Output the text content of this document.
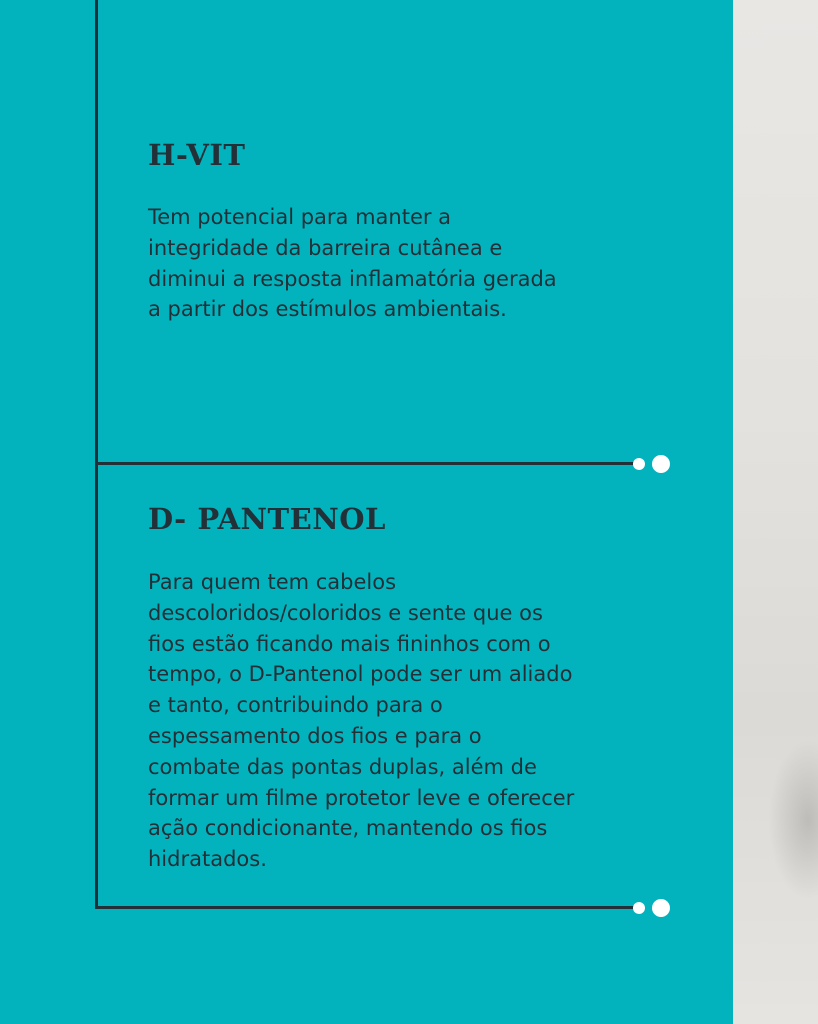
H-VIT

Tem potencial para manter a
integridade da barreira cutânea e
diminui a resposta inflamatória gerada
a partir dos estímulos ambientais.

D- PANTENOL

Para quem tem cabelos
descoloridos/coloridos e sente que os
fios estão ficando mais fininhos com o
tempo, o D-Pantenol pode ser um aliado
e tanto, contribuindo para o
espessamento dos fios e para o
combate das pontas duplas, além de
formar um filme protetor leve e oferecer
ação condicionante, mantendo os fios
hidratados.
